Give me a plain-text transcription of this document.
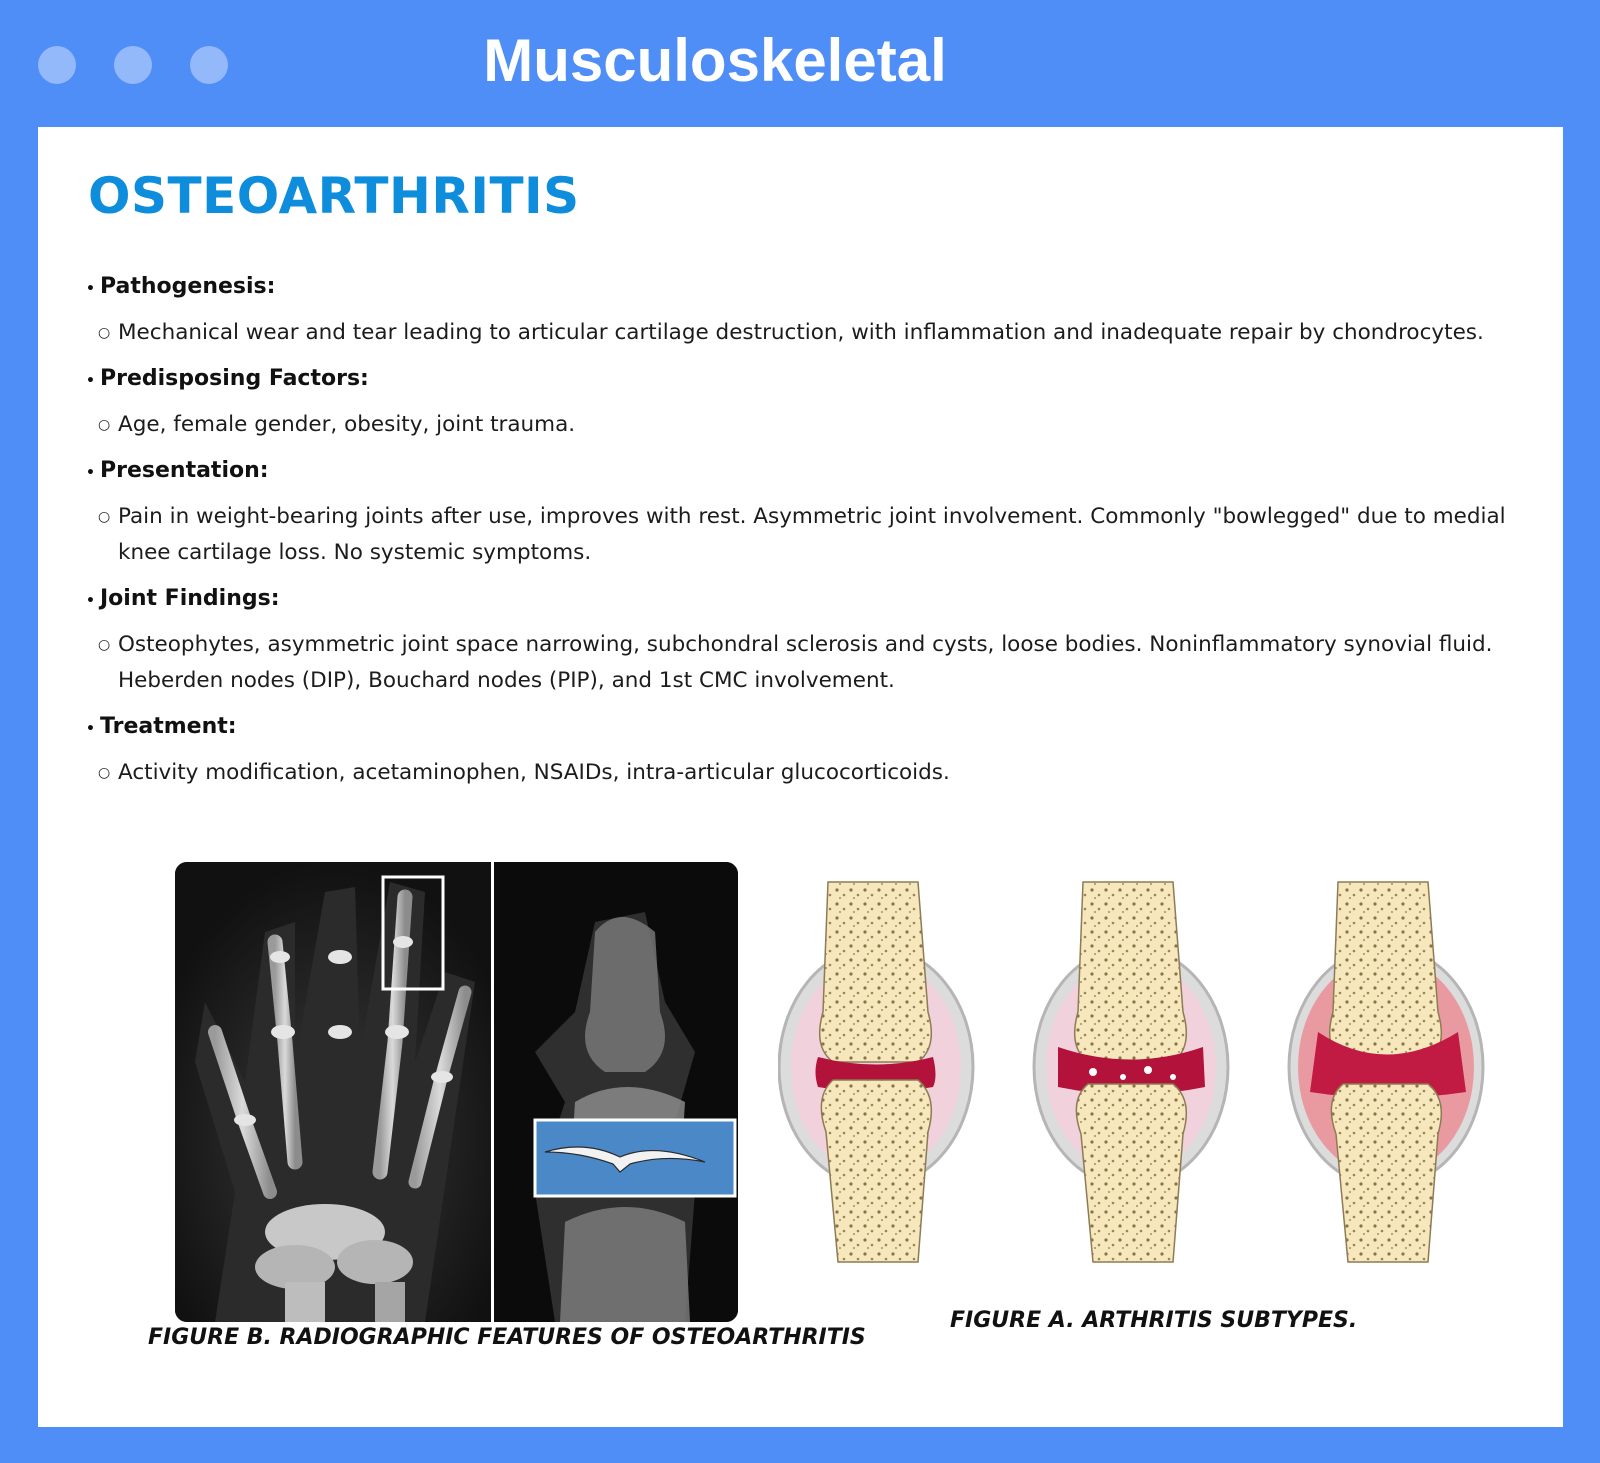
Musculoskeletal
OSTEOARTHRITIS
• Pathogenesis:
○ Mechanical wear and tear leading to articular cartilage destruction, with inflammation and inadequate repair by chondrocytes.
• Predisposing Factors:
○ Age, female gender, obesity, joint trauma.
• Presentation:
○ Pain in weight-bearing joints after use, improves with rest. Asymmetric joint involvement. Commonly "bowlegged" due to medial knee cartilage loss. No systemic symptoms.
• Joint Findings:
○ Osteophytes, asymmetric joint space narrowing, subchondral sclerosis and cysts, loose bodies. Noninflammatory synovial fluid. Heberden nodes (DIP), Bouchard nodes (PIP), and 1st CMC involvement.
• Treatment:
○ Activity modification, acetaminophen, NSAIDs, intra-articular glucocorticoids.
FIGURE B. RADIOGRAPHIC FEATURES OF OSTEOARTHRITIS
FIGURE A. ARTHRITIS SUBTYPES.
